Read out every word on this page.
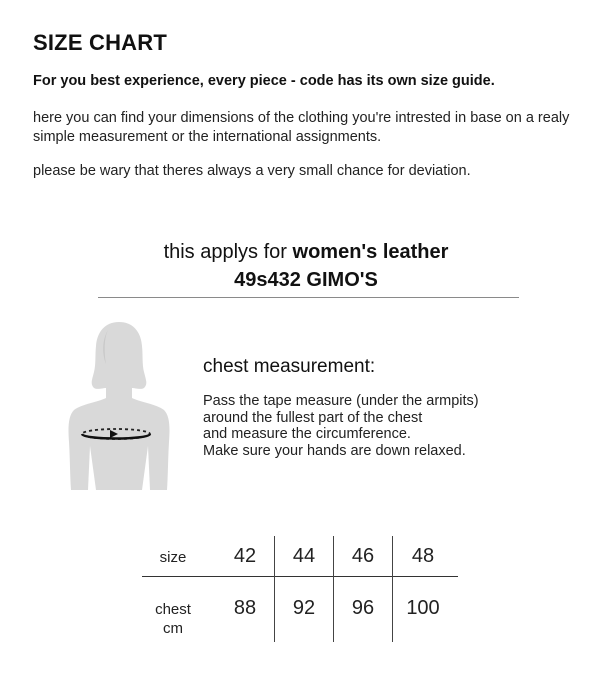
SIZE CHART
For you best experience, every piece - code has its own size guide.
here you can find your dimensions of the clothing you're intrested in base on a realy simple measurement or the international assignments.
please be wary that theres always a very small chance for deviation.
this applys for women's leather
49s432 GIMO'S
chest measurement:
Pass the tape measure (under the armpits)
around the fullest part of the chest
and measure the circumference.
Make sure your hands are down relaxed.
size	42	44	46	48
chest
cm
88	92	96	100
